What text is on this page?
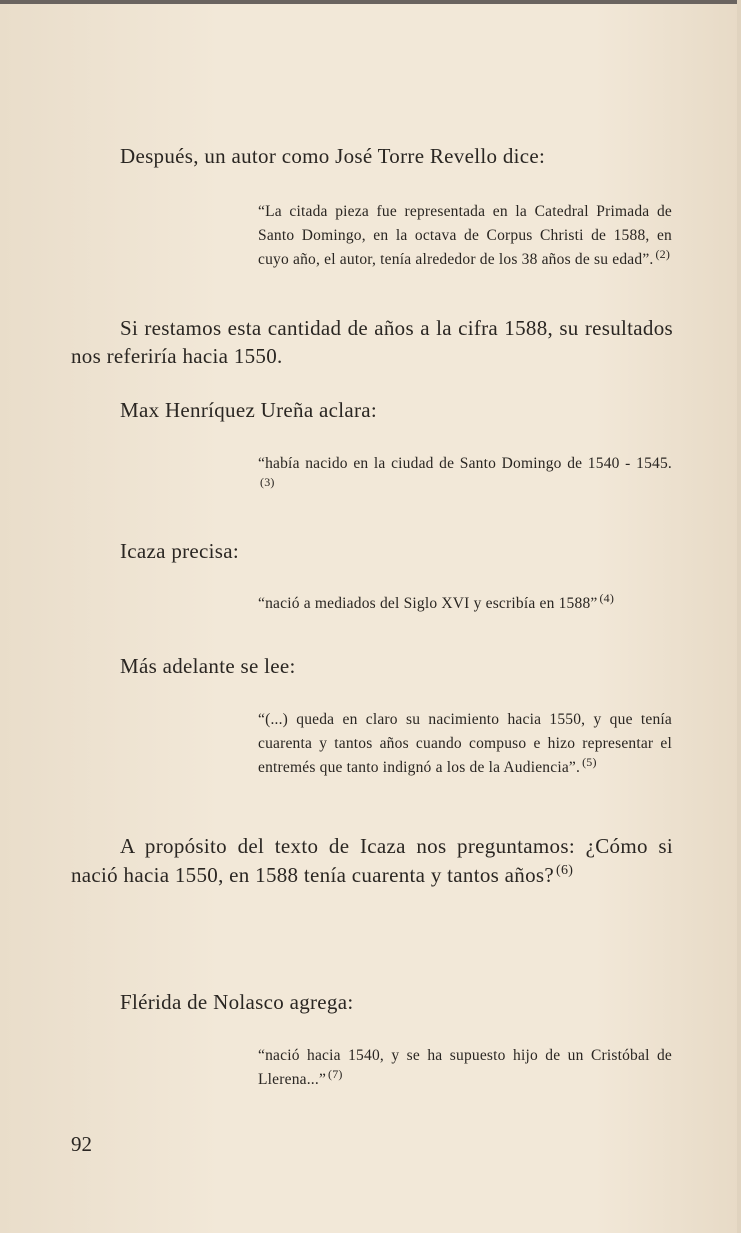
Después, un autor como José Torre Revello dice:

“La citada pieza fue representada en la Catedral Primada de Santo Domingo, en la octava de Corpus Christi de 1588, en cuyo año, el autor, tenía alrededor de los 38 años de su edad”. $^{(2)}$

Si restamos esta cantidad de años a la cifra 1588, su resultados nos referiría hacia 1550.

Max Henríquez Ureña aclara:

“había nacido en la ciudad de Santo Domingo de 1540 - 1545.$^{(3)}$

Icaza precisa:

“nació a mediados del Siglo XVI y escribía en 1588” $^{(4)}$

Más adelante se lee:

“(...) queda en claro su nacimiento hacia 1550, y que tenía cuarenta y tantos años cuando compuso e hizo representar el entremés que tanto indignó a los de la Audiencia”. $^{(5)}$

A propósito del texto de Icaza nos preguntamos: ¿Cómo si nació hacia 1550, en 1588 tenía cuarenta y tantos años? $^{(6)}$

Flérida de Nolasco agrega:

“nació hacia 1540, y se ha supuesto hijo de un Cristóbal de Llerena...” $^{(7)}$

92
